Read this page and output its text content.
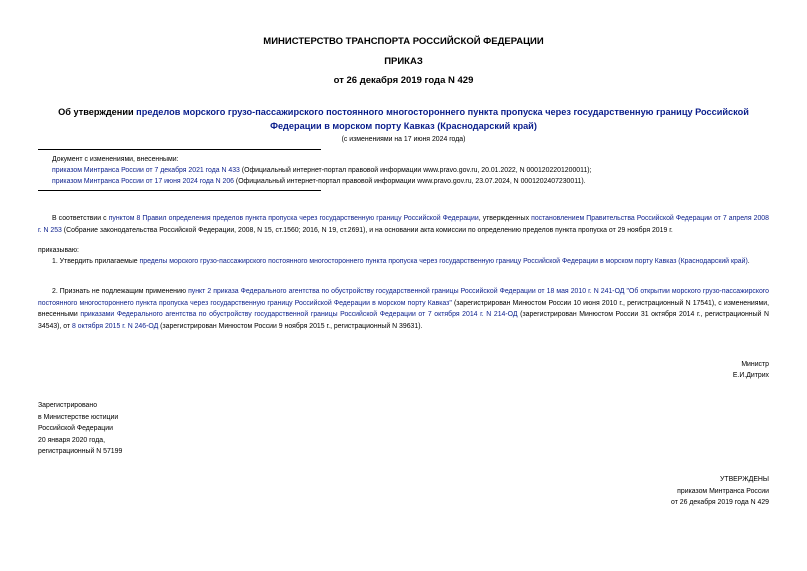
МИНИСТЕРСТВО ТРАНСПОРТА РОССИЙСКОЙ ФЕДЕРАЦИИ
ПРИКАЗ
от 26 декабря 2019 года N 429
Об утверждении пределов морского грузо-пассажирского постоянного многостороннего пункта пропуска через государственную границу Российской Федерации в морском порту Кавказ (Краснодарский край)
(с изменениями на 17 июня 2024 года)
Документ с изменениями, внесенными:
приказом Минтранса России от 7 декабря 2021 года N 433 (Официальный интернет-портал правовой информации www.pravo.gov.ru, 20.01.2022, N 0001202201200011);
приказом Минтранса России от 17 июня 2024 года N 206 (Официальный интернет-портал правовой информации www.pravo.gov.ru, 23.07.2024, N 0001202407230011).
В соответствии с пунктом 8 Правил определения пределов пункта пропуска через государственную границу Российской Федерации, утвержденных постановлением Правительства Российской Федерации от 7 апреля 2008 г. N 253 (Собрание законодательства Российской Федерации, 2008, N 15, ст.1560; 2016, N 19, ст.2691), и на основании акта комиссии по определению пределов пункта пропуска от 29 ноября 2019 г.
приказываю:
1. Утвердить прилагаемые пределы морского грузо-пассажирского постоянного многостороннего пункта пропуска через государственную границу Российской Федерации в морском порту Кавказ (Краснодарский край).
2. Признать не подлежащим применению пункт 2 приказа Федерального агентства по обустройству государственной границы Российской Федерации от 18 мая 2010 г. N 241-ОД "Об открытии морского грузо-пассажирского постоянного многостороннего пункта пропуска через государственную границу Российской Федерации в морском порту Кавказ" (зарегистрирован Минюстом России 10 июня 2010 г., регистрационный N 17541), с изменениями, внесенными приказами Федерального агентства по обустройству государственной границы Российской Федерации от 7 октября 2014 г. N 214-ОД (зарегистрирован Минюстом России 31 октября 2014 г., регистрационный N 34543), от 8 октября 2015 г. N 246-ОД (зарегистрирован Минюстом России 9 ноября 2015 г., регистрационный N 39631).
Министр
Е.И.Дитрих
Зарегистрировано
в Министерстве юстиции
Российской Федерации
20 января 2020 года,
регистрационный N 57199
УТВЕРЖДЕНЫ
приказом Минтранса России
от 26 декабря 2019 года N 429
